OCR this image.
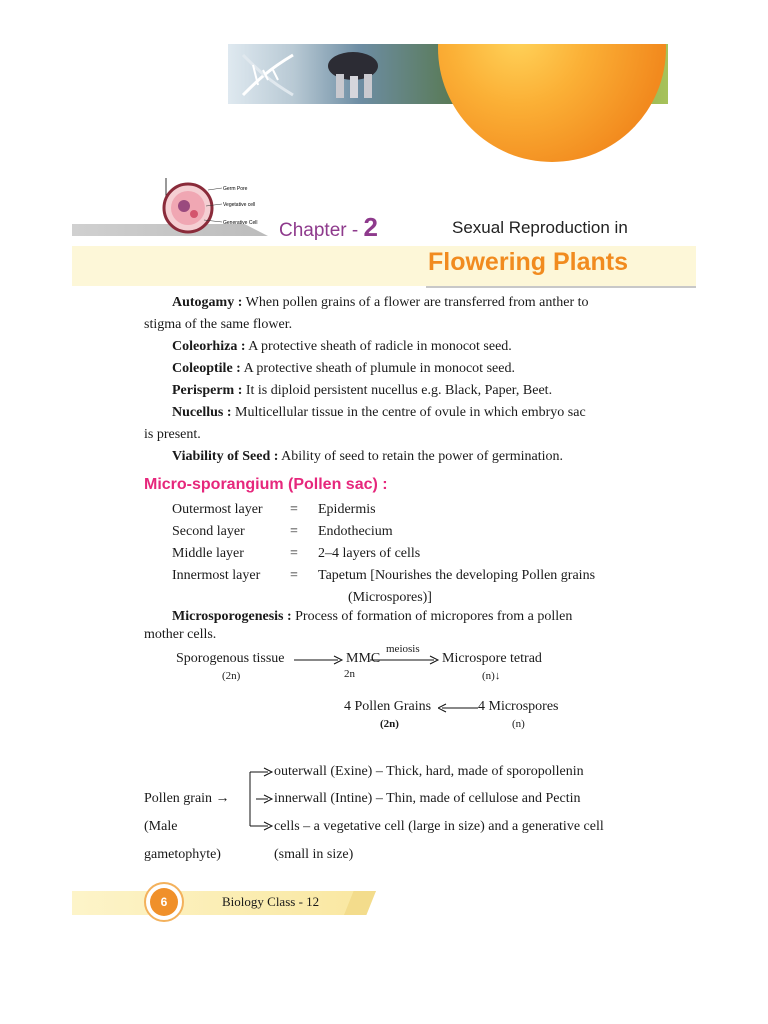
Germ Pore
Vegetative cell
Generative Cell Chapter - 2	Sexual Reproduction in
Flowering Plants
Autogamy : When pollen grains of a flower are transferred from anther to
stigma of the same flower.
Coleorhiza : A protective sheath of radicle in monocot seed.
Coleoptile : A protective sheath of plumule in monocot seed.
Perisperm : It is diploid persistent nucellus e.g. Black, Paper, Beet.
Nucellus : Multicellular tissue in the centre of ovule in which embryo sac
is present.
Viability of Seed : Ability of seed to retain the power of germination.
Micro-sporangium (Pollen sac) :
Outermost layer	=	Epidermis
Second layer	=	Endothecium
Middle layer	=	2–4 layers of cells
Innermost layer	=	Tapetum [Nourishes the developing Pollen grains
		(Microspores)]
Microsporogenesis : Process of formation of micropores from a pollen
mother cells.
Sporogenous tissue
(2n)
MMC
2n
meiosis
Microspore tetrad
(n)↓
4 Pollen Grains
(2n)
4 Microspores
(n)
Pollen grain →
(Male
gametophyte)
outerwall (Exine) – Thick, hard, made of sporopollenin
innerwall (Intine) – Thin, made of cellulose and Pectin
cells – a vegetative cell (large in size) and a generative cell
(small in size)
6	Biology Class - 12
